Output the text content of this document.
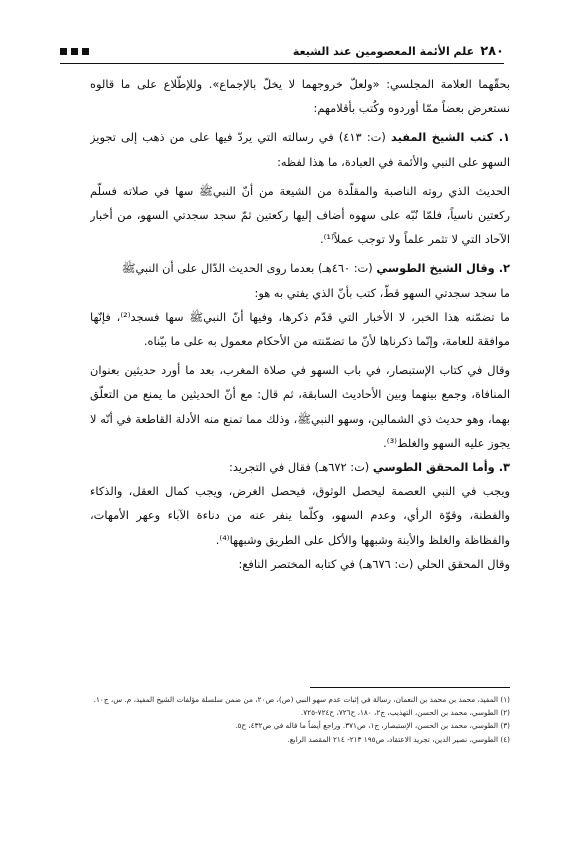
٢٨٠
علم الأئمة المعصومين عند الشيعة

بحقّهما العلامة المجلسي: «ولعلّ خروجهما لا يخلّ بالإجماع». وللإطّلاع على ما قالوه نستعرض بعضاً ممّا أوردوه وكُتب بأقلامهم:

١. كتب الشيخ المفيد (ت: ٤١٣) في رسالته التي يردّ فيها على من ذهب إلى تجويز السهو على النبي والأئمة في العبادة، ما هذا لفظه:

الحديث الذي روته الناصبة والمقلّدة من الشيعة من أنّ النبيﷺ سها في صلاته فسلّم ركعتين ناسياً، فلمّا نُبّه على سهوه أضاف إليها ركعتين ثمّ سجد سجدتي السهو، من أخبار الآحاد التي لا تثمر علماً ولا توجب عملاً⁽¹⁾.

٢. وقال الشيخ الطوسي (ت: ٤٦٠هـ) بعدما روى الحديث الدّال على أن النبيﷺ

ما سجد سجدتي السهو قطّ، كتب بأنّ الذي يفتي به هو:

ما تضمّنه هذا الخبر، لا الأخبار التي قدّم ذكرها، وفيها أنّ النبيﷺ سها فسجد⁽²⁾، فإنّها موافقة للعامة، وإنّما ذكرناها لأنّ ما تضمّنته من الأحكام معمول به على ما بيّناه.

وقال في كتاب الإستبصار، في باب السهو في صلاة المغرب، بعد ما أورد حديثين بعنوان المنافاة، وجمع بينهما وبين الأحاديث السابقة، ثم قال: مع أنّ الحديثين ما يمنع من التعلّق بهما، وهو حديث ذي الشمالين، وسهو النبيﷺ، وذلك مما تمنع منه الأدلة القاطعة في أنّه لا يجوز عليه السهو والغلط⁽³⁾.

٣. وأما المحقق الطوسي (ت: ٦٧٢هـ) فقال في التجريد:

ويجب في النبي العصمة ليحصل الوثوق، فيحصل الغرض، ويجب كمال العقل، والذكاء والفطنة، وقوّة الرأي، وعدم السهو، وكلّما ينفر عنه من دناءة الآباء وعهر الأمهات، والفظاظة والغلظ والأبنة وشبهها والأكل على الطريق وشبهها⁽⁴⁾.

وقال المحقق الحلي (ت: ٦٧٦هـ) في كتابه المختصر النافع:

(١) المفيد، محمد بن محمد بن النعمان، رسالة في إثبات عدم سهو النبي (ص)، ص٢٠، من ضمن سلسلة مؤلفات الشيخ المفيد، م. س، ج١٠.

(٢) الطوسي، محمد بن الحسن، التهذيب، ج٢، ١٨٠، ح٧٢٦، ح٧٢٤-٧٢٥.

(٣) الطوسي، محمد بن الحسن، الإستبصار، ج١، ص٣٧١. وراجع أيضاً ما قاله في ص٤٣٢، ح٥.

(٤) الطوسي، نصير الدين، تجريد الاعتقاد، ص١٩٥ ٢١٣- ٢١٤ المقصد الرابع.
